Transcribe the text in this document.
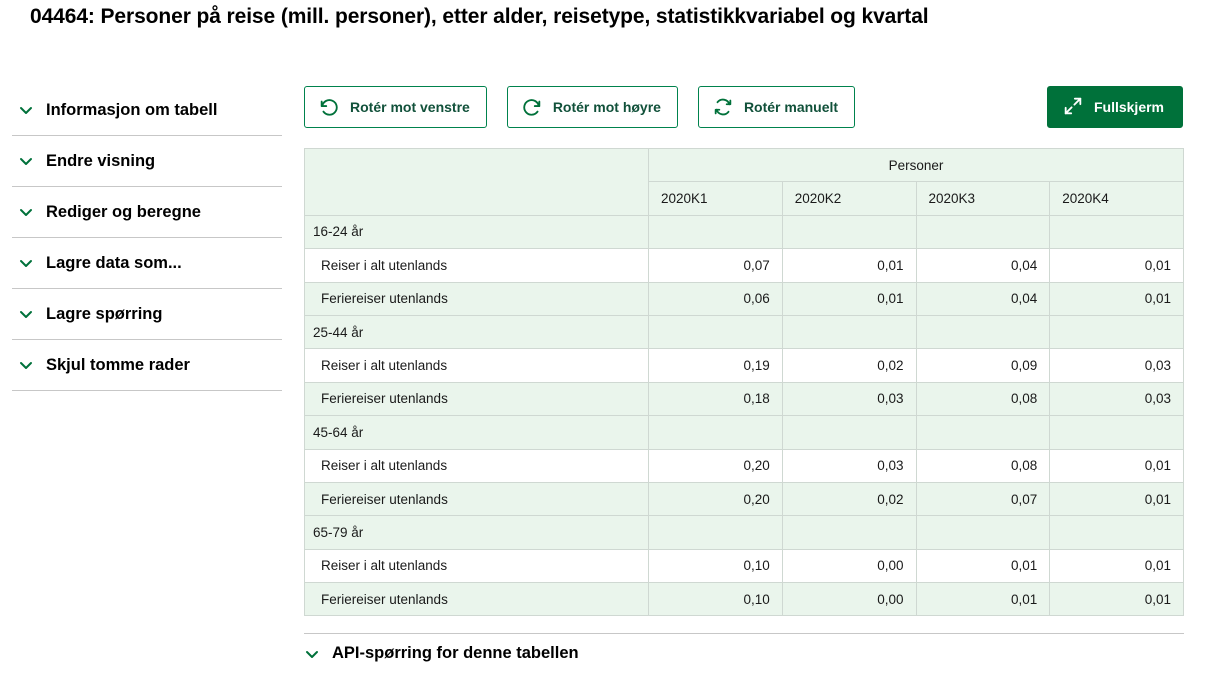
04464: Personer på reise (mill. personer), etter alder, reisetype, statistikkvariabel og kvartal
Informasjon om tabell
Endre visning
Rediger og beregne
Lagre data som...
Lagre spørring
Skjul tomme rader
Rotér mot venstre	Rotér mot høyre	Rotér manuelt	Fullskjerm
	Personer			
	2020K1	2020K2	2020K3	2020K4
16-24 år				
Reiser i alt utenlands	0,07	0,01	0,04	0,01
Feriereiser utenlands	0,06	0,01	0,04	0,01
25-44 år				
Reiser i alt utenlands	0,19	0,02	0,09	0,03
Feriereiser utenlands	0,18	0,03	0,08	0,03
45-64 år				
Reiser i alt utenlands	0,20	0,03	0,08	0,01
Feriereiser utenlands	0,20	0,02	0,07	0,01
65-79 år				
Reiser i alt utenlands	0,10	0,00	0,01	0,01
Feriereiser utenlands	0,10	0,00	0,01	0,01
API-spørring for denne tabellen
